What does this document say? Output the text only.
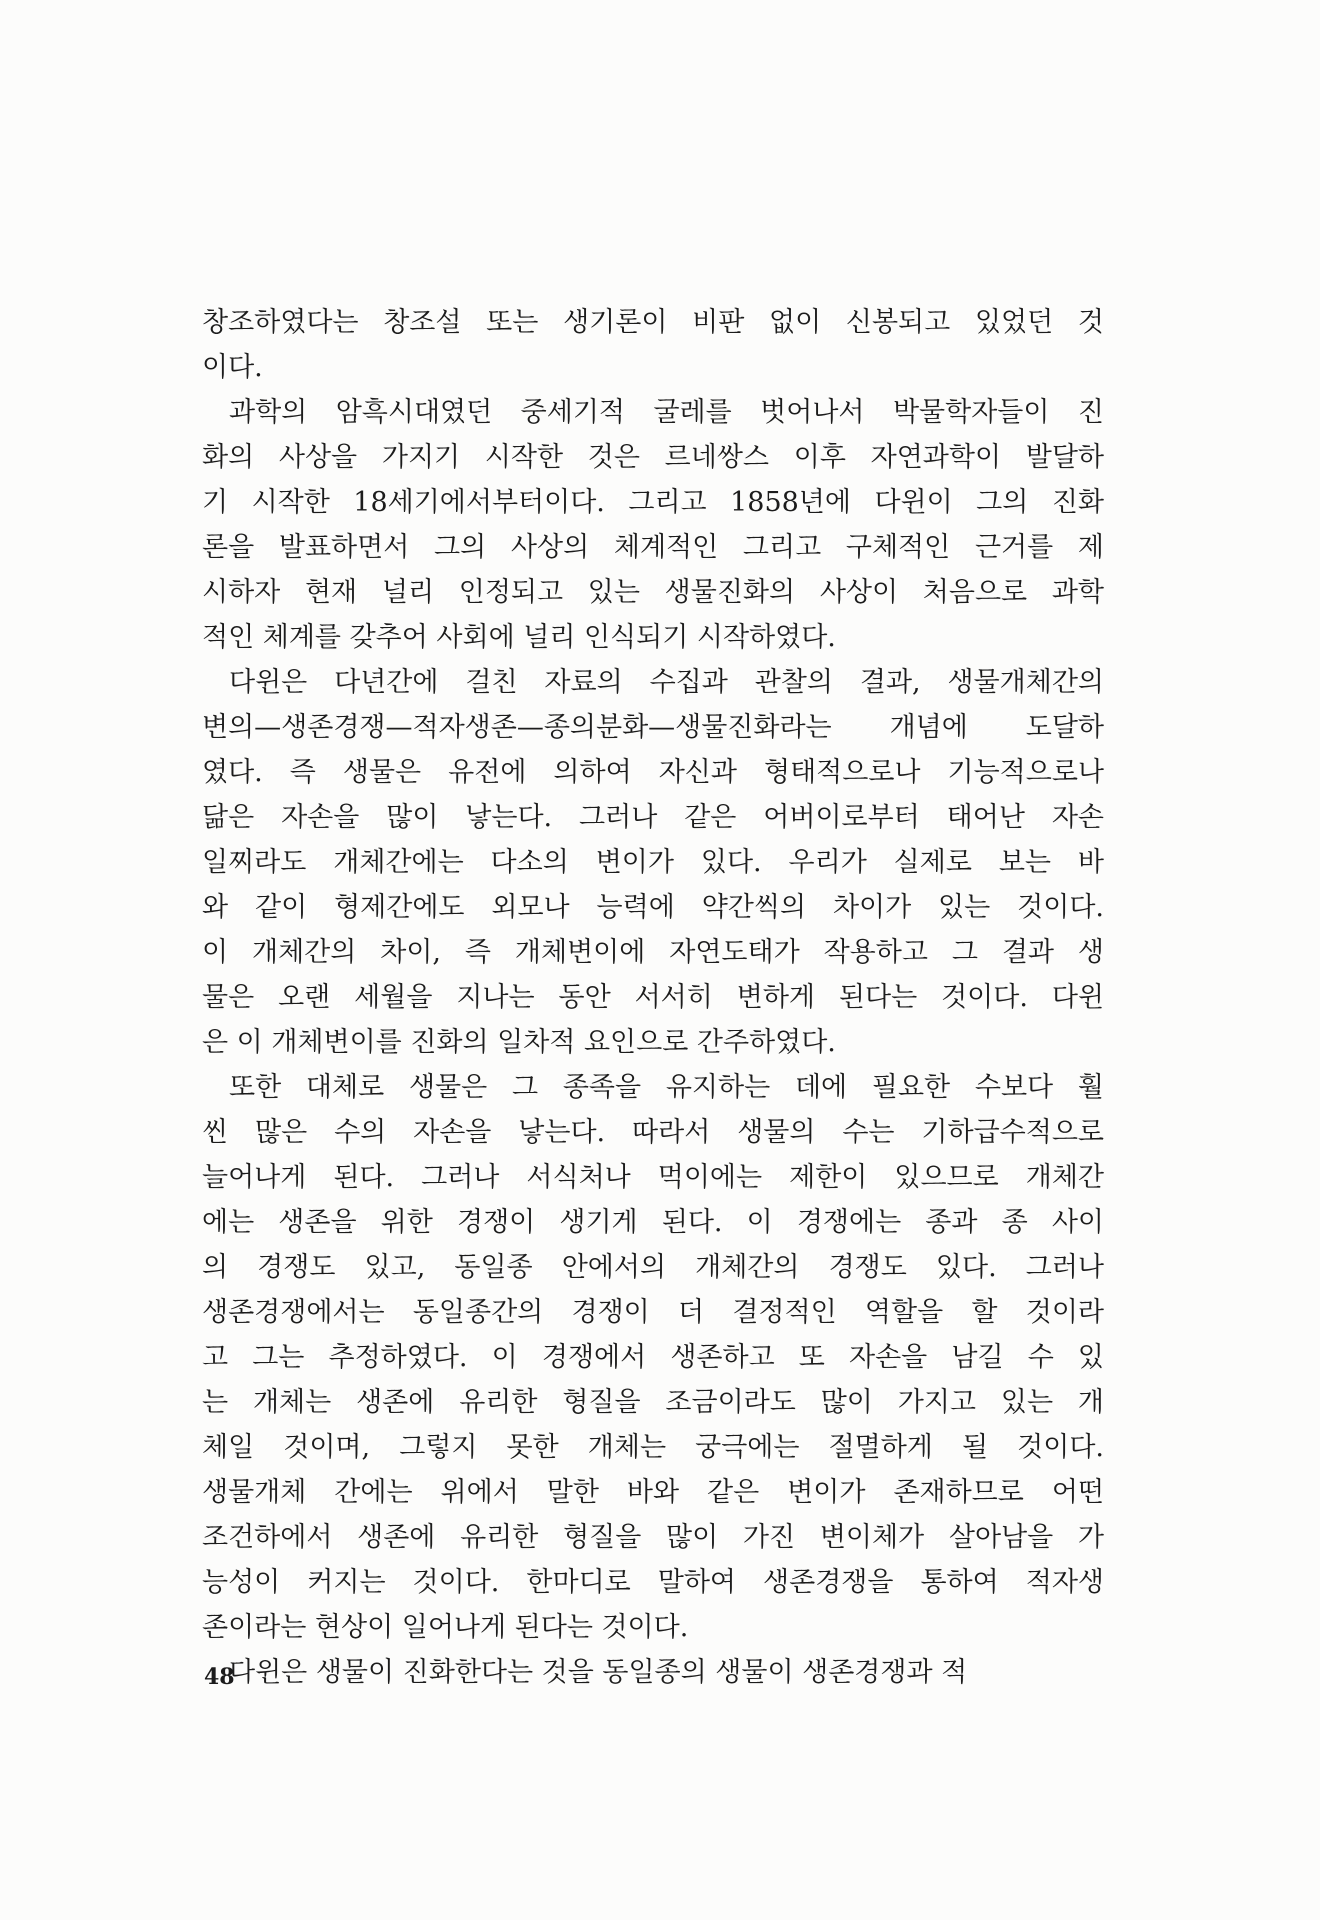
창조하였다는 창조설 또는 생기론이 비판 없이 신봉되고 있었던 것
이다.
과학의 암흑시대였던 중세기적 굴레를 벗어나서 박물학자들이 진
화의 사상을 가지기 시작한 것은 르네쌍스 이후 자연과학이 발달하
기 시작한 18세기에서부터이다. 그리고 1858년에 다윈이 그의 진화
론을 발표하면서 그의 사상의 체계적인 그리고 구체적인 근거를 제
시하자 현재 널리 인정되고 있는 생물진화의 사상이 처음으로 과학
적인 체계를 갖추어 사회에 널리 인식되기 시작하였다.
다윈은 다년간에 걸친 자료의 수집과 관찰의 결과, 생물개체간의
변의—생존경쟁—적자생존—종의분화—생물진화라는 개념에 도달하
였다. 즉 생물은 유전에 의하여 자신과 형태적으로나 기능적으로나
닮은 자손을 많이 낳는다. 그러나 같은 어버이로부터 태어난 자손
일찌라도 개체간에는 다소의 변이가 있다. 우리가 실제로 보는 바
와 같이 형제간에도 외모나 능력에 약간씩의 차이가 있는 것이다.
이 개체간의 차이, 즉 개체변이에 자연도태가 작용하고 그 결과 생
물은 오랜 세월을 지나는 동안 서서히 변하게 된다는 것이다. 다윈
은 이 개체변이를 진화의 일차적 요인으로 간주하였다.
또한 대체로 생물은 그 종족을 유지하는 데에 필요한 수보다 훨
씬 많은 수의 자손을 낳는다. 따라서 생물의 수는 기하급수적으로
늘어나게 된다. 그러나 서식처나 먹이에는 제한이 있으므로 개체간
에는 생존을 위한 경쟁이 생기게 된다. 이 경쟁에는 종과 종 사이
의 경쟁도 있고, 동일종 안에서의 개체간의 경쟁도 있다. 그러나
생존경쟁에서는 동일종간의 경쟁이 더 결정적인 역할을 할 것이라
고 그는 추정하였다. 이 경쟁에서 생존하고 또 자손을 남길 수 있
는 개체는 생존에 유리한 형질을 조금이라도 많이 가지고 있는 개
체일 것이며, 그렇지 못한 개체는 궁극에는 절멸하게 될 것이다.
생물개체 간에는 위에서 말한 바와 같은 변이가 존재하므로 어떤
조건하에서 생존에 유리한 형질을 많이 가진 변이체가 살아남을 가
능성이 커지는 것이다. 한마디로 말하여 생존경쟁을 통하여 적자생
존이라는 현상이 일어나게 된다는 것이다.
다윈은 생물이 진화한다는 것을 동일종의 생물이 생존경쟁과 적
48
